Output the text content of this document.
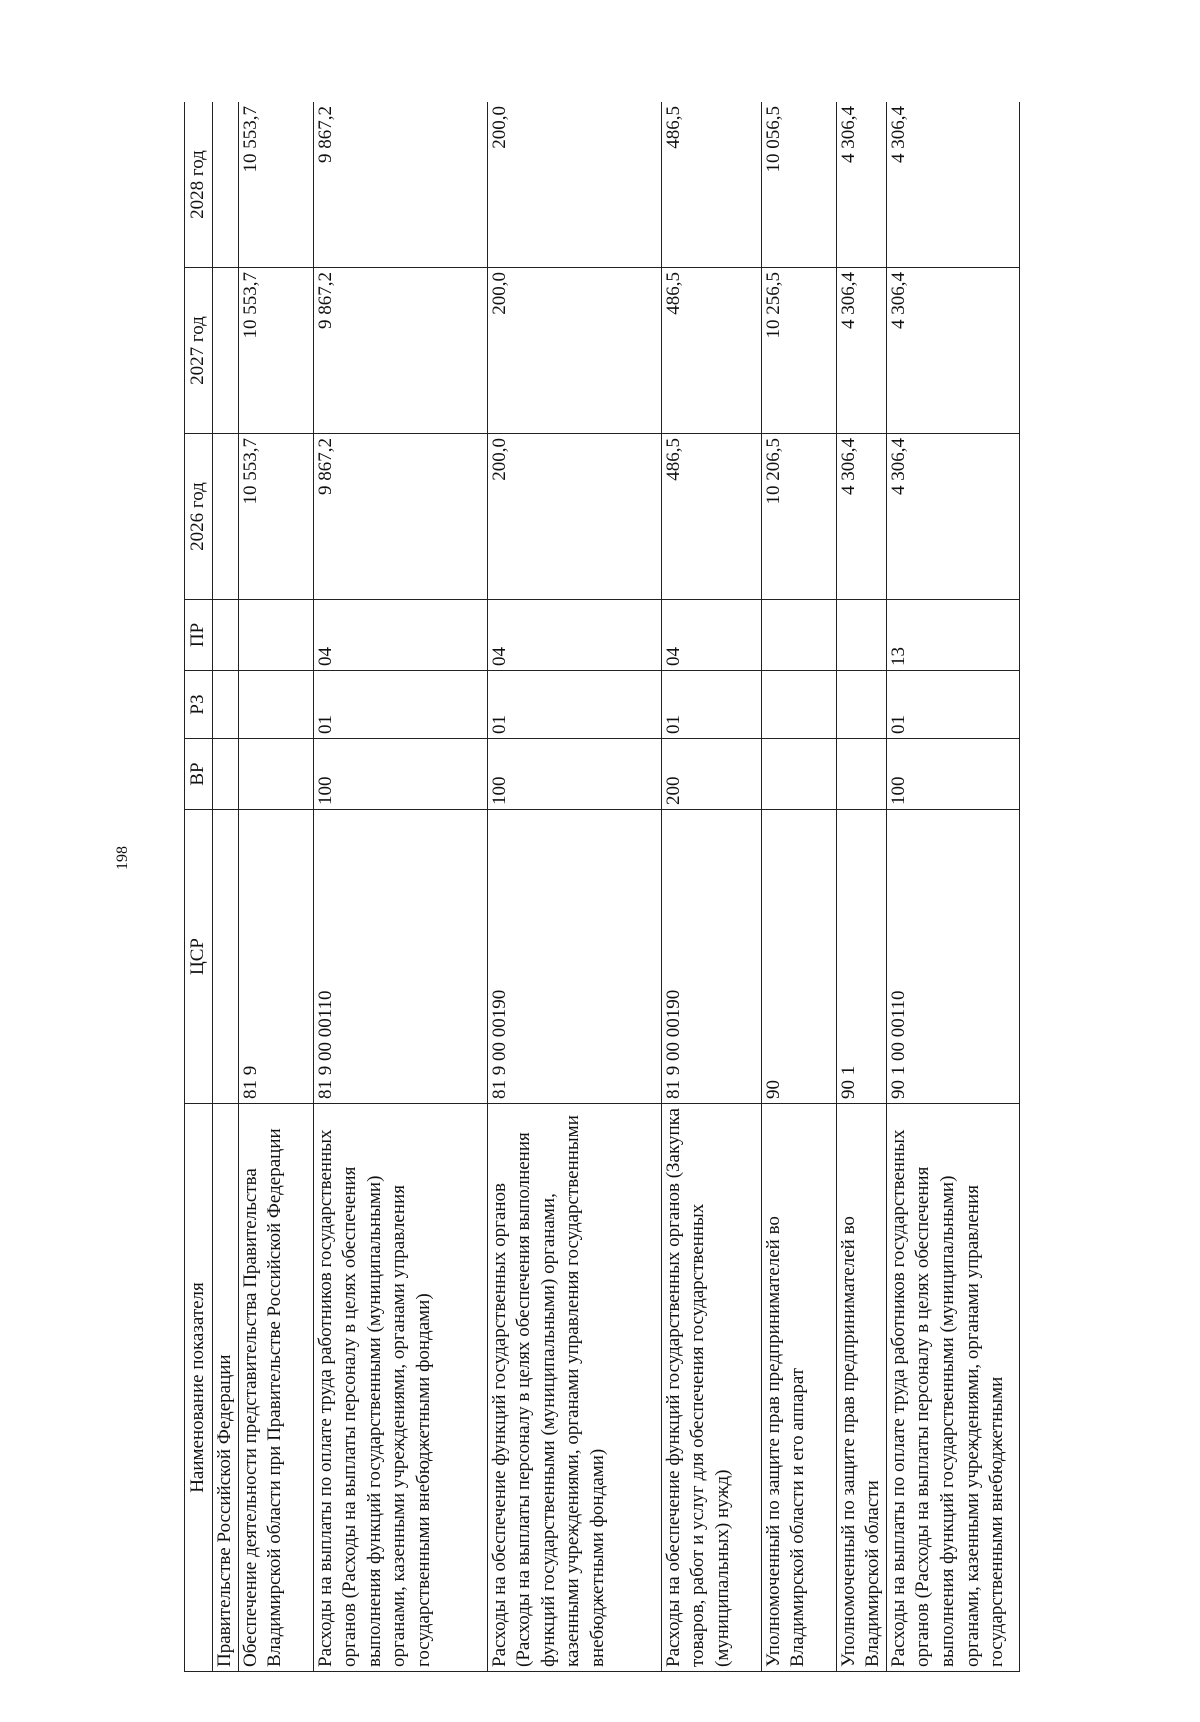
198
Наименование показателя	ЦСР	ВР	РЗ	ПР	2026 год	2027 год	2028 год
Правительстве Российской Федерации							
Обеспечение деятельности представительства Правительства Владимирской области при Правительстве Российской Федерации	81 9				10 553,7	10 553,7	10 553,7
Расходы на выплаты по оплате труда работников государственных органов (Расходы на выплаты персоналу в целях обеспечения выполнения функций государственными (муниципальными) органами, казенными учреждениями, органами управления государственными внебюджетными фондами)	81 9 00 00110	100	01	04	9 867,2	9 867,2	9 867,2
Расходы на обеспечение функций государственных органов (Расходы на выплаты персоналу в целях обеспечения выполнения функций государственными (муниципальными) органами, казенными учреждениями, органами управления государственными внебюджетными фондами)	81 9 00 00190	100	01	04	200,0	200,0	200,0
Расходы на обеспечение функций государственных органов (Закупка товаров, работ и услуг для обеспечения государственных (муниципальных) нужд)	81 9 00 00190	200	01	04	486,5	486,5	486,5
Уполномоченный по защите прав предпринимателей во Владимирской области и его аппарат	90				10 206,5	10 256,5	10 056,5
Уполномоченный по защите прав предпринимателей во Владимирской области	90 1				4 306,4	4 306,4	4 306,4
Расходы на выплаты по оплате труда работников государственных органов (Расходы на выплаты персоналу в целях обеспечения выполнения функций государственными (муниципальными) органами, казенными учреждениями, органами управления государственными внебюджетными	90 1 00 00110	100	01	13	4 306,4	4 306,4	4 306,4
